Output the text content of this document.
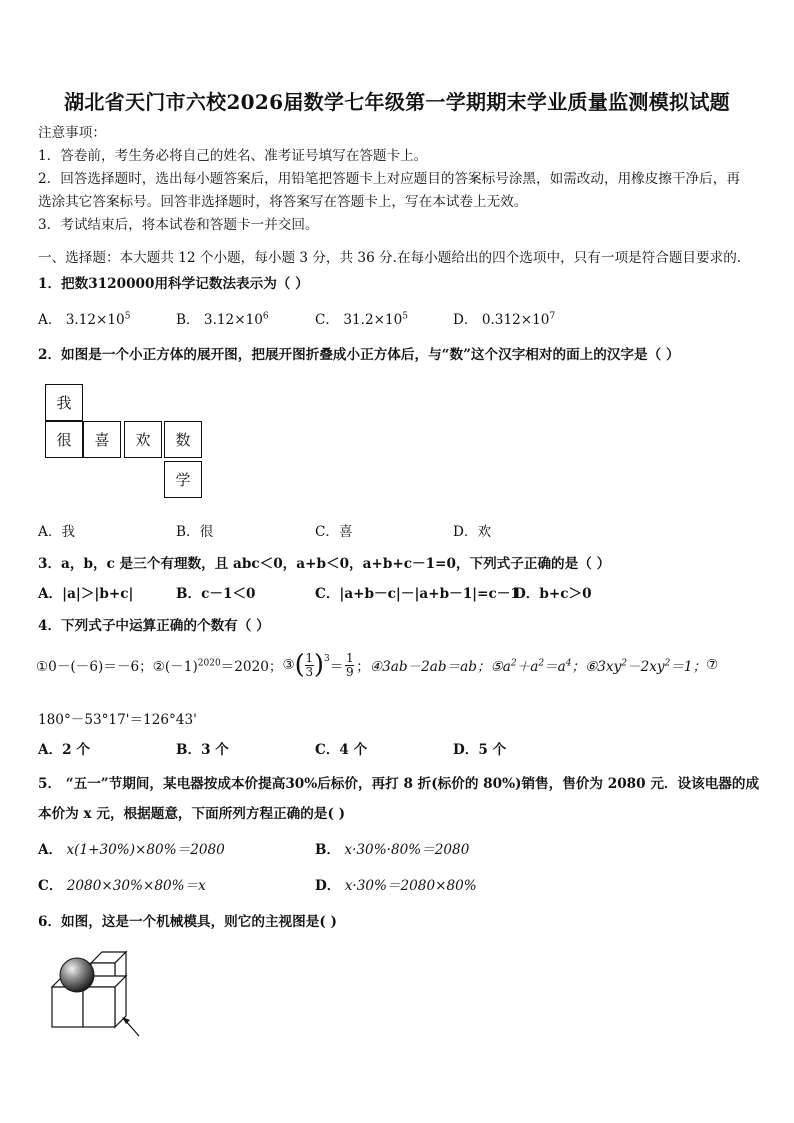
湖北省天门市六校2026届数学七年级第一学期期末学业质量监测模拟试题
注意事项：
1．答卷前，考生务必将自己的姓名、准考证号填写在答题卡上。
2．回答选择题时，选出每小题答案后，用铅笔把答题卡上对应题目的答案标号涂黑，如需改动，用橡皮擦干净后，再
选涂其它答案标号。回答非选择题时，将答案写在答题卡上，写在本试卷上无效。
3．考试结束后，将本试卷和答题卡一并交回。
一、选择题：本大题共 12 个小题，每小题 3 分，共 36 分.在每小题给出的四个选项中，只有一项是符合题目要求的.
1．把数3120000用科学记数法表示为（ ）
A． $3.12\times 10^5$	B． $3.12\times 10^6$	C． $31.2\times 10^5$	D． $0.312\times 10^7$
2．如图是一个小正方体的展开图，把展开图折叠成小正方体后，与“数”这个汉字相对的面上的汉字是（ ）
我
很	喜	欢	数
学
A．我	B．很	C．喜	D．欢
3．a，b，c 是三个有理数，且 abc＜0，a+b＜0，a+b+c－1=0，下列式子正确的是（ ）
A．|a|＞|b+c|	B．c－1＜0	C．|a+b－c|－|a+b－1|=c－1
D．b+c＞0
4．下列式子中运算正确的个数有（ ）
①0－(－6)＝－6； $②(-1)^{2020}=2020$； ③ ( 1
3 )$^3$ ＝
1
9 ； ④3ab－2ab＝ab； $⑤a^2+a^2=a^4$； $⑥3xy^2-2xy^2=1$； ⑦
180°－53°17'＝126°43'
A．2 个	B．3 个	C．4 个	D．5 个
5． “五一”节期间，某电器按成本价提高30%后标价，再打 8 折(标价的 80%)销售，售价为 2080 元．设该电器的成
本价为 x 元，根据题意，下面所列方程正确的是( )
A． x(1+30%)×80%＝2080	B． x·30%·80%＝2080
C． 2080×30%×80%＝x	D． x·30%＝2080×80%
6．如图，这是一个机械模具，则它的主视图是( )
